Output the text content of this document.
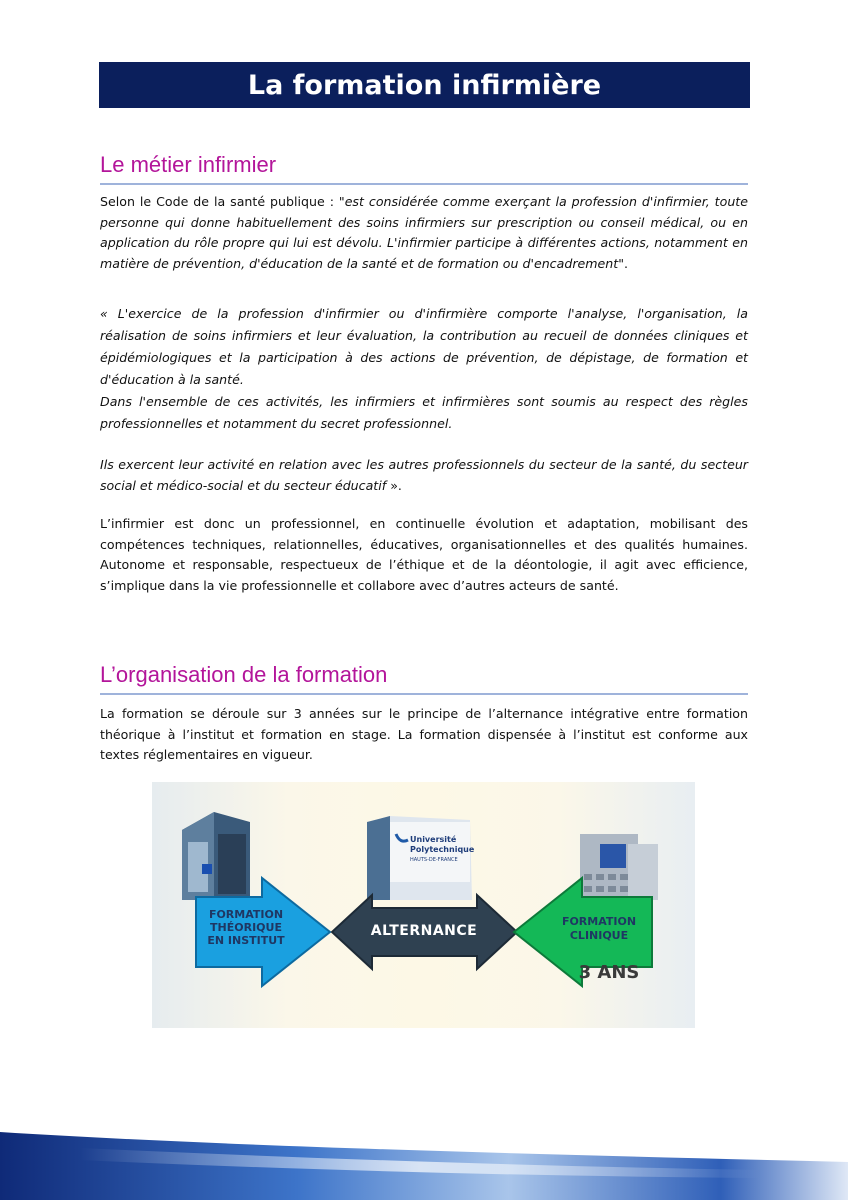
La formation infirmière
Le métier infirmier

Selon le Code de la santé publique : "est considérée comme exerçant la profession d'infirmier, toute personne qui donne habituellement des soins infirmiers sur prescription ou conseil médical, ou en application du rôle propre qui lui est dévolu. L'infirmier participe à différentes actions, notamment en matière de prévention, d'éducation de la santé et de formation ou d'encadrement".

« L'exercice de la profession d'infirmier ou d'infirmière comporte l'analyse, l'organisation, la réalisation de soins infirmiers et leur évaluation, la contribution au recueil de données cliniques et épidémiologiques et la participation à des actions de prévention, de dépistage, de formation et d'éducation à la santé.

Dans l'ensemble de ces activités, les infirmiers et infirmières sont soumis au respect des règles professionnelles et notamment du secret professionnel.

Ils exercent leur activité en relation avec les autres professionnels du secteur de la santé, du secteur social et médico-social et du secteur éducatif ».

L’infirmier est donc un professionnel, en continuelle évolution et adaptation, mobilisant des compétences techniques, relationnelles, éducatives, organisationnelles et des qualités humaines. Autonome et responsable, respectueux de l’éthique et de la déontologie, il agit avec efficience, s’implique dans la vie professionnelle et collabore avec d’autres acteurs de santé.

L’organisation de la formation

La formation se déroule sur 3 années sur le principe de l’alternance intégrative entre formation théorique à l’institut et formation en stage. La formation dispensée à l’institut est conforme aux textes réglementaires en vigueur.

Université
Polytechnique
HAUTS-DE-FRANCE
FORMATION
THÉORIQUE
EN INSTITUT
ALTERNANCE
FORMATION
CLINIQUE
3 ANS
